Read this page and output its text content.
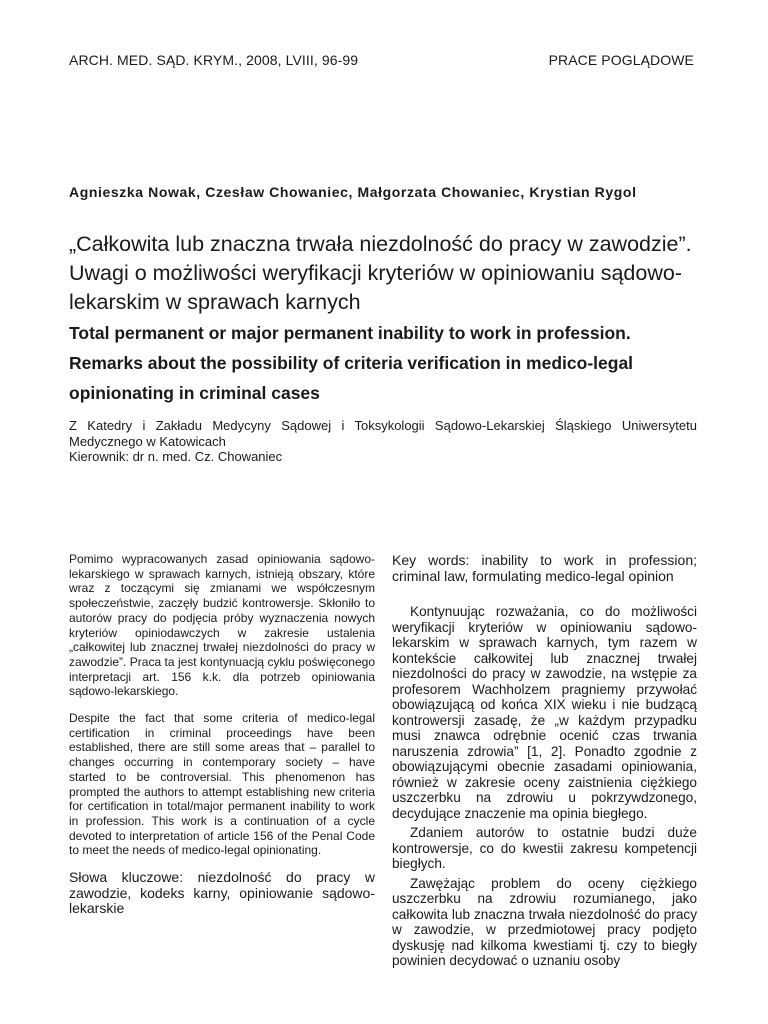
ARCH. MED. SĄD. KRYM., 2008, LVIII, 96-99	PRACE POGLĄDOWE
Agnieszka Nowak, Czesław Chowaniec, Małgorzata Chowaniec, Krystian Rygol
„Całkowita lub znaczna trwała niezdolność do pracy w zawodzie”. Uwagi o możliwości weryfikacji kryteriów w opiniowaniu sądowo-lekarskim w sprawach karnych
Total permanent or major permanent inability to work in profession. Remarks about the possibility of criteria verification in medico-legal opinionating in criminal cases
Z Katedry i Zakładu Medycyny Sądowej i Toksykologii Sądowo-Lekarskiej Śląskiego Uniwersytetu Medycznego w Katowicach
Kierownik: dr n. med. Cz. Chowaniec

Pomimo wypracowanych zasad opiniowania sądowo-lekarskiego w sprawach karnych, istnieją obszary, które wraz z toczącymi się zmianami we współczesnym społeczeństwie, zaczęły budzić kontrowersje. Skłoniło to autorów pracy do podjęcia próby wyznaczenia nowych kryteriów opiniodawczych w zakresie ustalenia „całkowitej lub znacznej trwałej niezdolności do pracy w zawodzie”. Praca ta jest kontynuacją cyklu poświęconego interpretacji art. 156 k.k. dla potrzeb opiniowania sądowo-lekarskiego.

Despite the fact that some criteria of medico-legal certification in criminal proceedings have been established, there are still some areas that – parallel to changes occurring in contemporary society – have started to be controversial. This phenomenon has prompted the authors to attempt establishing new criteria for certification in total/major permanent inability to work in profession. This work is a continuation of a cycle devoted to interpretation of article 156 of the Penal Code to meet the needs of medico-legal opinionating.

Słowa kluczowe: niezdolność do pracy w zawodzie, kodeks karny, opiniowanie sądowo-lekarskie

Key words: inability to work in profession; criminal law, formulating medico-legal opinion

Kontynuując rozważania, co do możliwości weryfikacji kryteriów w opiniowaniu sądowo-lekarskim w sprawach karnych, tym razem w kontekście całkowitej lub znacznej trwałej niezdolności do pracy w zawodzie, na wstępie za profesorem Wachholzem pragniemy przywołać obowiązującą od końca XIX wieku i nie budzącą kontrowersji zasadę, że „w każdym przypadku musi znawca odrębnie ocenić czas trwania naruszenia zdrowia” [1, 2]. Ponadto zgodnie z obowiązującymi obecnie zasadami opiniowania, również w zakresie oceny zaistnienia ciężkiego uszczerbku na zdrowiu u pokrzywdzonego, decydujące znaczenie ma opinia biegłego.

Zdaniem autorów to ostatnie budzi duże kontrowersje, co do kwestii zakresu kompetencji biegłych.

Zawężając problem do oceny ciężkiego uszczerbku na zdrowiu rozumianego, jako całkowita lub znaczna trwała niezdolność do pracy w zawodzie, w przedmiotowej pracy podjęto dyskusję nad kilkoma kwestiami tj. czy to biegły powinien decydować o uznaniu osoby
